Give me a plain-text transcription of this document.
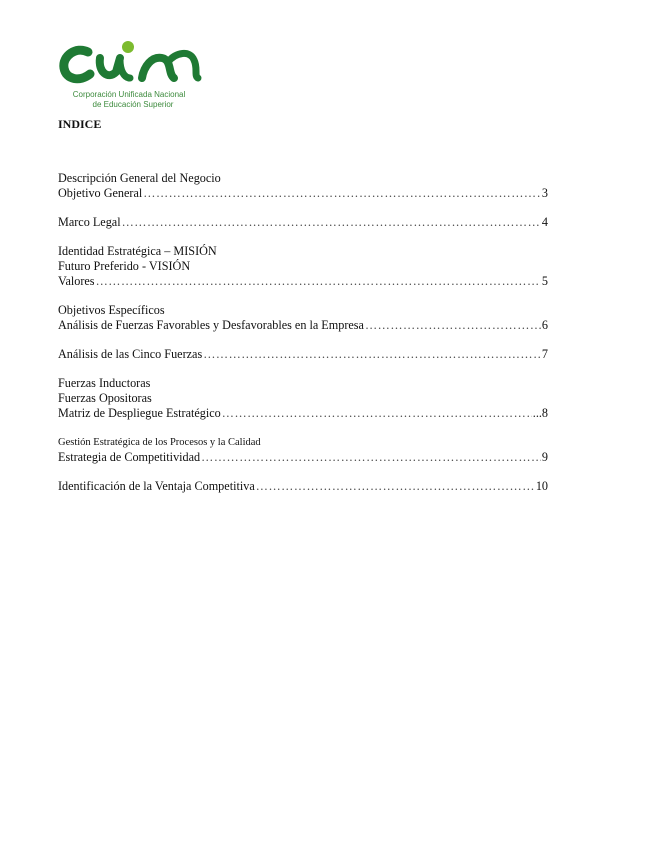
Corporación Unificada Nacional
de Educación Superior
INDICE
Descripción General del Negocio
Objetivo General ……………………………………………………………………………………………………………………………………………………………	3
Marco Legal ……………………………………………………………………………………………………………………………………………………………	4
Identidad Estratégica – MISIÓN
Futuro Preferido - VISIÓN
Valores ……………………………………………………………………………………………………………………………………………………………	5
Objetivos Específicos
Análisis de Fuerzas Favorables y Desfavorables en la Empresa ……………………………………………………………………………………………………………………………………………………………	6
Análisis de las Cinco Fuerzas ……………………………………………………………………………………………………………………………………………………………	7
Fuerzas Inductoras
Fuerzas Opositoras
Matriz de Despliegue Estratégico ……………………………………………………………………………………………………………………………………………………………	...8
Gestión Estratégica de los Procesos y la Calidad
Estrategia de Competitividad ……………………………………………………………………………………………………………………………………………………………	9
Identificación de la Ventaja Competitiva ……………………………………………………………………………………………………………………………………………………………	10
